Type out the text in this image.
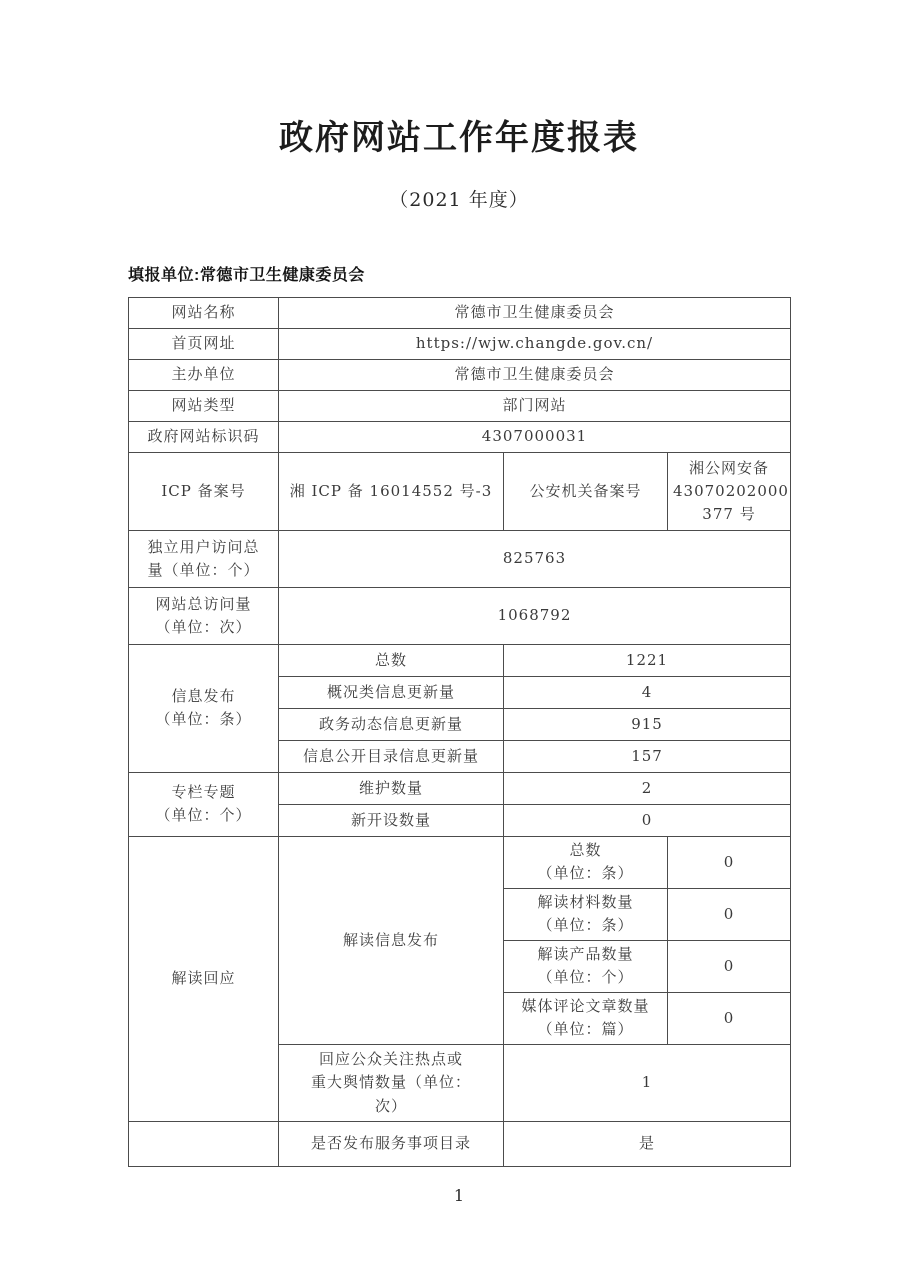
政府网站工作年度报表
（2021 年度）
填报单位:常德市卫生健康委员会
网站名称	常德市卫生健康委员会		
首页网址	https://wjw.changde.gov.cn/		
主办单位	常德市卫生健康委员会		
网站类型	部门网站		
政府网站标识码	4307000031		
ICP 备案号	湘 ICP 备 16014552 号-3	公安机关备案号	湘公网安备
43070202000
377 号
独立用户访问总
量（单位：个）	825763		
网站总访问量
（单位：次）	1068792		
信息发布
（单位：条）	总数	1221	
	概况类信息更新量	4	
	政务动态信息更新量	915	
	信息公开目录信息更新量	157	
专栏专题
（单位：个）	维护数量	2	
	新开设数量	0	
解读回应	解读信息发布	总数
（单位：条）	0
		解读材料数量
（单位：条）	0
		解读产品数量
（单位：个）	0
		媒体评论文章数量
（单位：篇）	0
	回应公众关注热点或
重大舆情数量（单位：
次）	1	
	是否发布服务事项目录	是	
1
